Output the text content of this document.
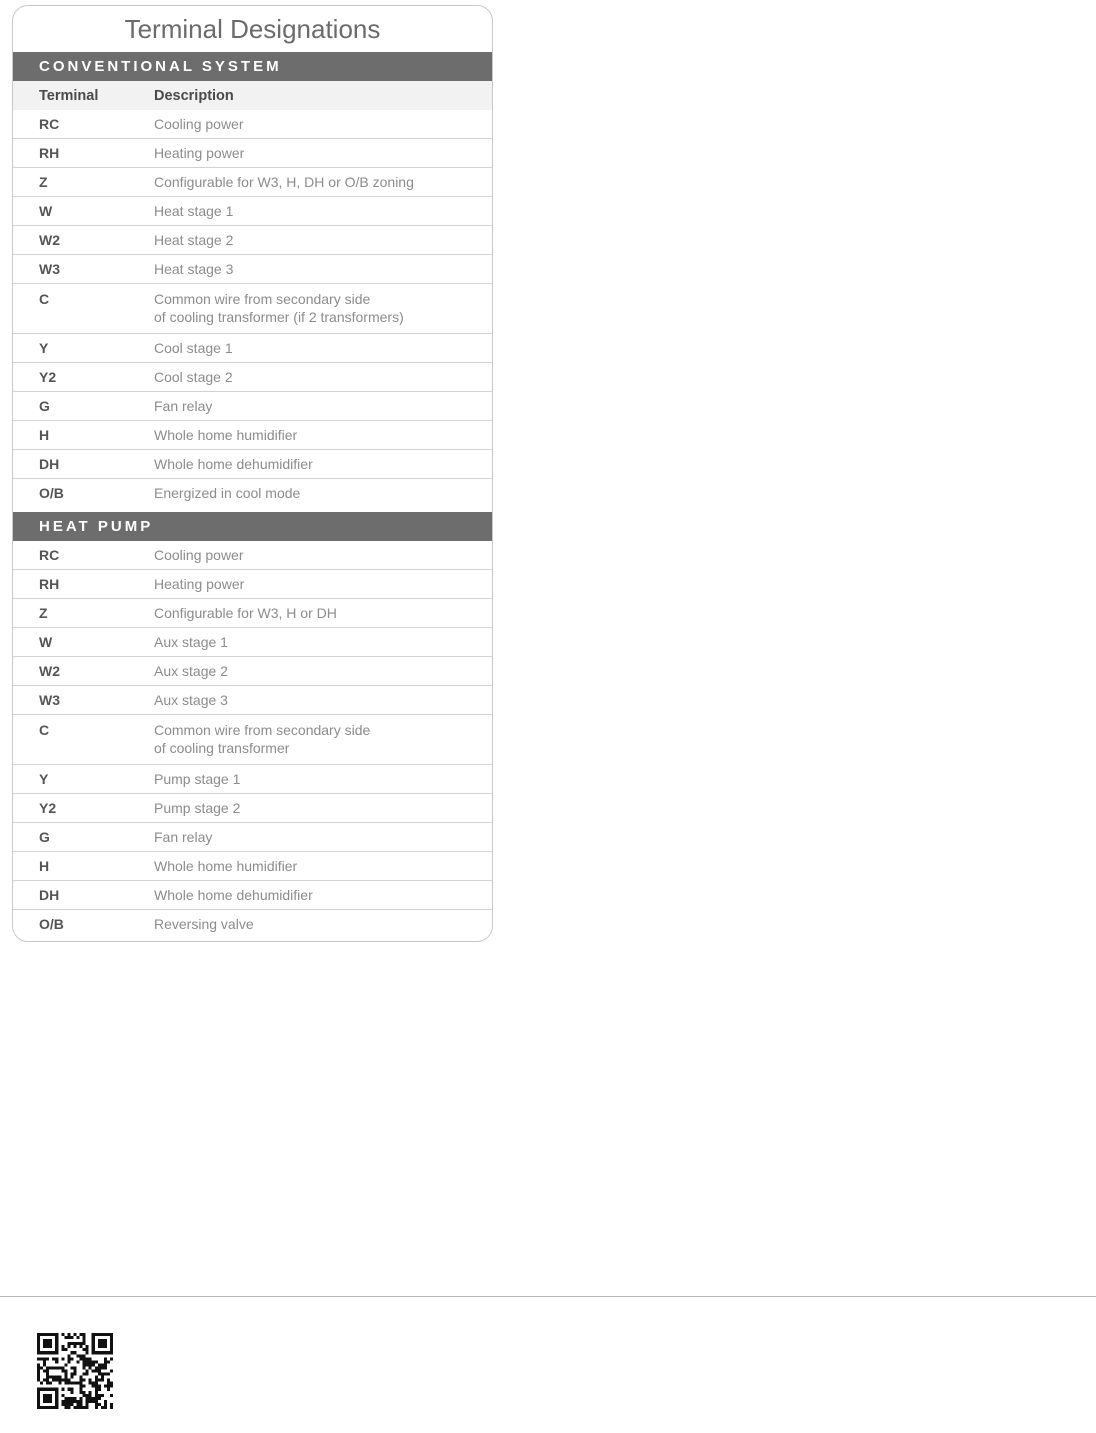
Terminal Designations
CONVENTIONAL SYSTEM
Terminal	Description
RC	Cooling power
RH	Heating power
Z	Configurable for W3, H, DH or O/B zoning
W	Heat stage 1
W2	Heat stage 2
W3	Heat stage 3
C	Common wire from secondary side
of cooling transformer (if 2 transformers)
Y	Cool stage 1
Y2	Cool stage 2
G	Fan relay
H	Whole home humidifier
DH	Whole home dehumidifier
O/B	Energized in cool mode
HEAT PUMP
RC	Cooling power
RH	Heating power
Z	Configurable for W3, H or DH
W	Aux stage 1
W2	Aux stage 2
W3	Aux stage 3
C	Common wire from secondary side
of cooling transformer
Y	Pump stage 1
Y2	Pump stage 2
G	Fan relay
H	Whole home humidifier
DH	Whole home dehumidifier
O/B	Reversing valve
